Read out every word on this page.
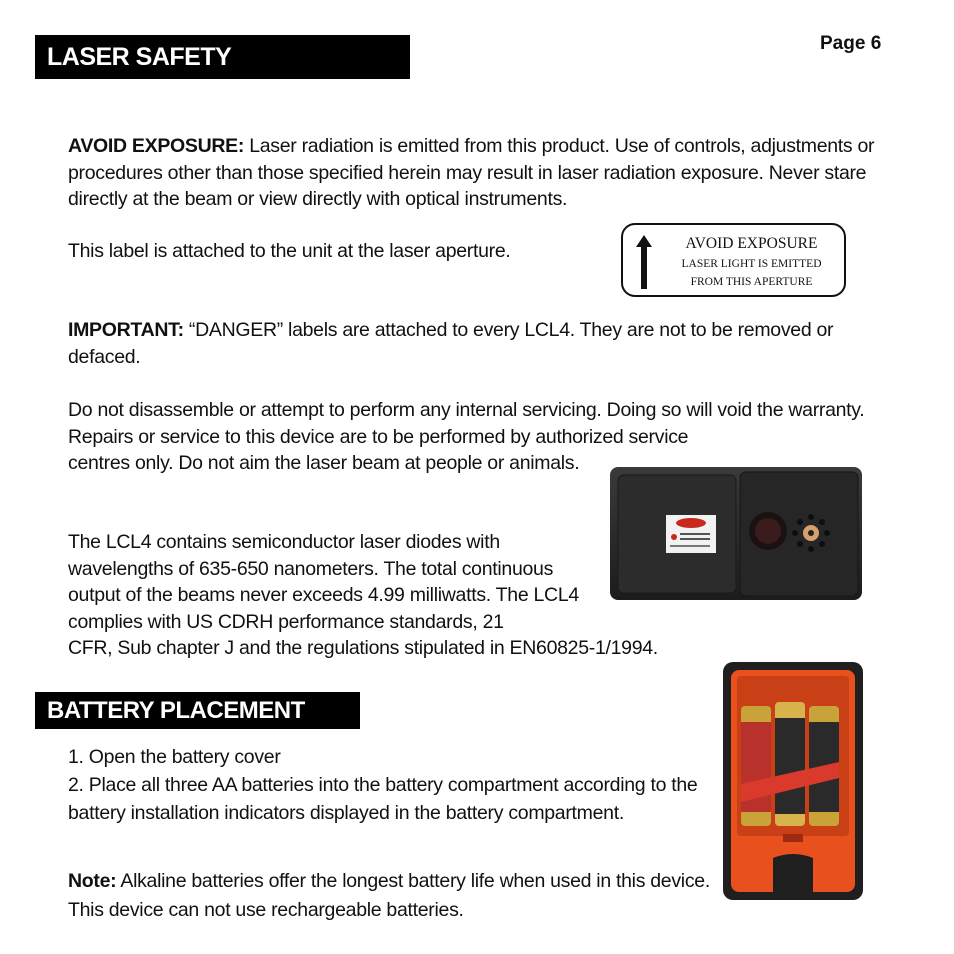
LASER SAFETY	Page 6
AVOID EXPOSURE: Laser radiation is emitted from this product. Use of controls, adjustments or procedures other than those specified herein may result in laser radiation exposure. Never stare directly at the beam or view directly with optical instruments.
This label is attached to the unit at the laser aperture.	AVOID EXPOSURE
LASER LIGHT IS EMITTED
FROM THIS APERTURE
IMPORTANT: “DANGER” labels are attached to every LCL4. They are not to be removed or defaced.
Do not disassemble or attempt to perform any internal servicing. Doing so will void the warranty. Repairs or service to this device are to be performed by authorized service
centres only. Do not aim the laser beam at people or animals.
The LCL4 contains semiconductor laser diodes with wavelengths of 635-650 nanometers. The total continuous output of the beams never exceeds 4.99 milliwatts. The LCL4 complies with US CDRH performance standards, 21
CFR, Sub chapter J and the regulations stipulated in EN60825-1/1994.
BATTERY PLACEMENT
1. Open the battery cover
2. Place all three AA batteries into the battery compartment according to the battery installation indicators displayed in the battery compartment.
Note: Alkaline batteries offer the longest battery life when used in this device. This device can not use rechargeable batteries.
